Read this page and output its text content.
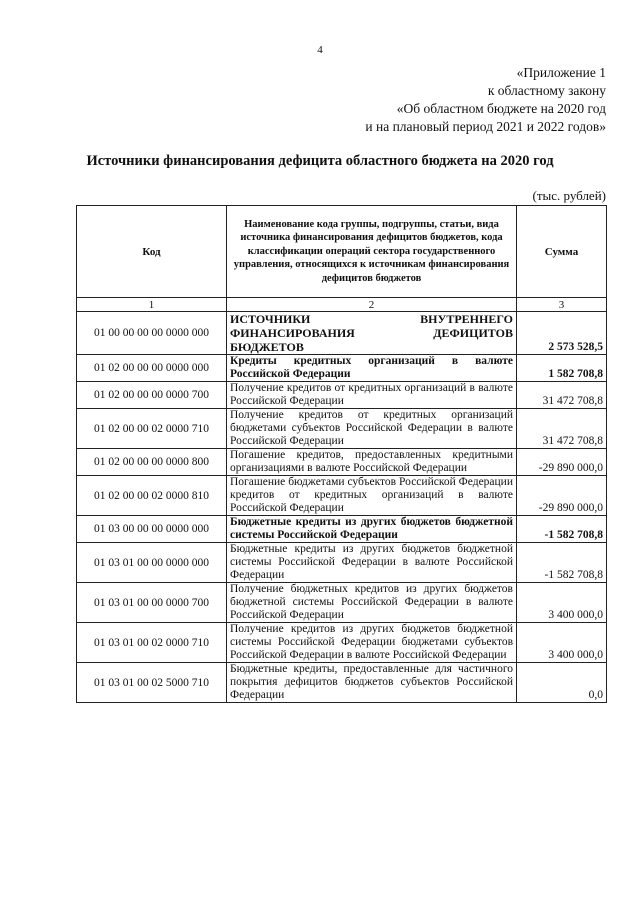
4
«Приложение 1
к областному закону
«Об областном бюджете на 2020 год
и на плановый период 2021 и 2022 годов»
Источники финансирования дефицита областного бюджета на 2020 год
(тыс. рублей)
Код	Наименование кода группы, подгруппы, статьи, вида источника финансирования дефицитов бюджетов, кода классификации операций сектора государственного управления, относящихся к источникам финансирования дефицитов бюджетов	Сумма
1	2	3
01 00 00 00 00 0000 000	ИСТОЧНИКИ ВНУТРЕННЕГО ФИНАНСИРОВАНИЯ ДЕФИЦИТОВ БЮДЖЕТОВ	2 573 528,5
01 02 00 00 00 0000 000	Кредиты кредитных организаций в валюте Российской Федерации	1 582 708,8
01 02 00 00 00 0000 700	Получение кредитов от кредитных организаций в валюте Российской Федерации	31 472 708,8
01 02 00 00 02 0000 710	Получение кредитов от кредитных организаций бюджетами субъектов Российской Федерации в валюте Российской Федерации	31 472 708,8
01 02 00 00 00 0000 800	Погашение кредитов, предоставленных кредитными организациями в валюте Российской Федерации	-29 890 000,0
01 02 00 00 02 0000 810	Погашение бюджетами субъектов Российской Федерации кредитов от кредитных организаций в валюте Российской Федерации	-29 890 000,0
01 03 00 00 00 0000 000	Бюджетные кредиты из других бюджетов бюджетной системы Российской Федерации	-1 582 708,8
01 03 01 00 00 0000 000	Бюджетные кредиты из других бюджетов бюджетной системы Российской Федерации в валюте Российской Федерации	-1 582 708,8
01 03 01 00 00 0000 700	Получение бюджетных кредитов из других бюджетов бюджетной системы Российской Федерации в валюте Российской Федерации	3 400 000,0
01 03 01 00 02 0000 710	Получение кредитов из других бюджетов бюджетной системы Российской Федерации бюджетами субъектов Российской Федерации в валюте Российской Федерации	3 400 000,0
01 03 01 00 02 5000 710	Бюджетные кредиты, предоставленные для частичного покрытия дефицитов бюджетов субъектов Российской Федерации	0,0
